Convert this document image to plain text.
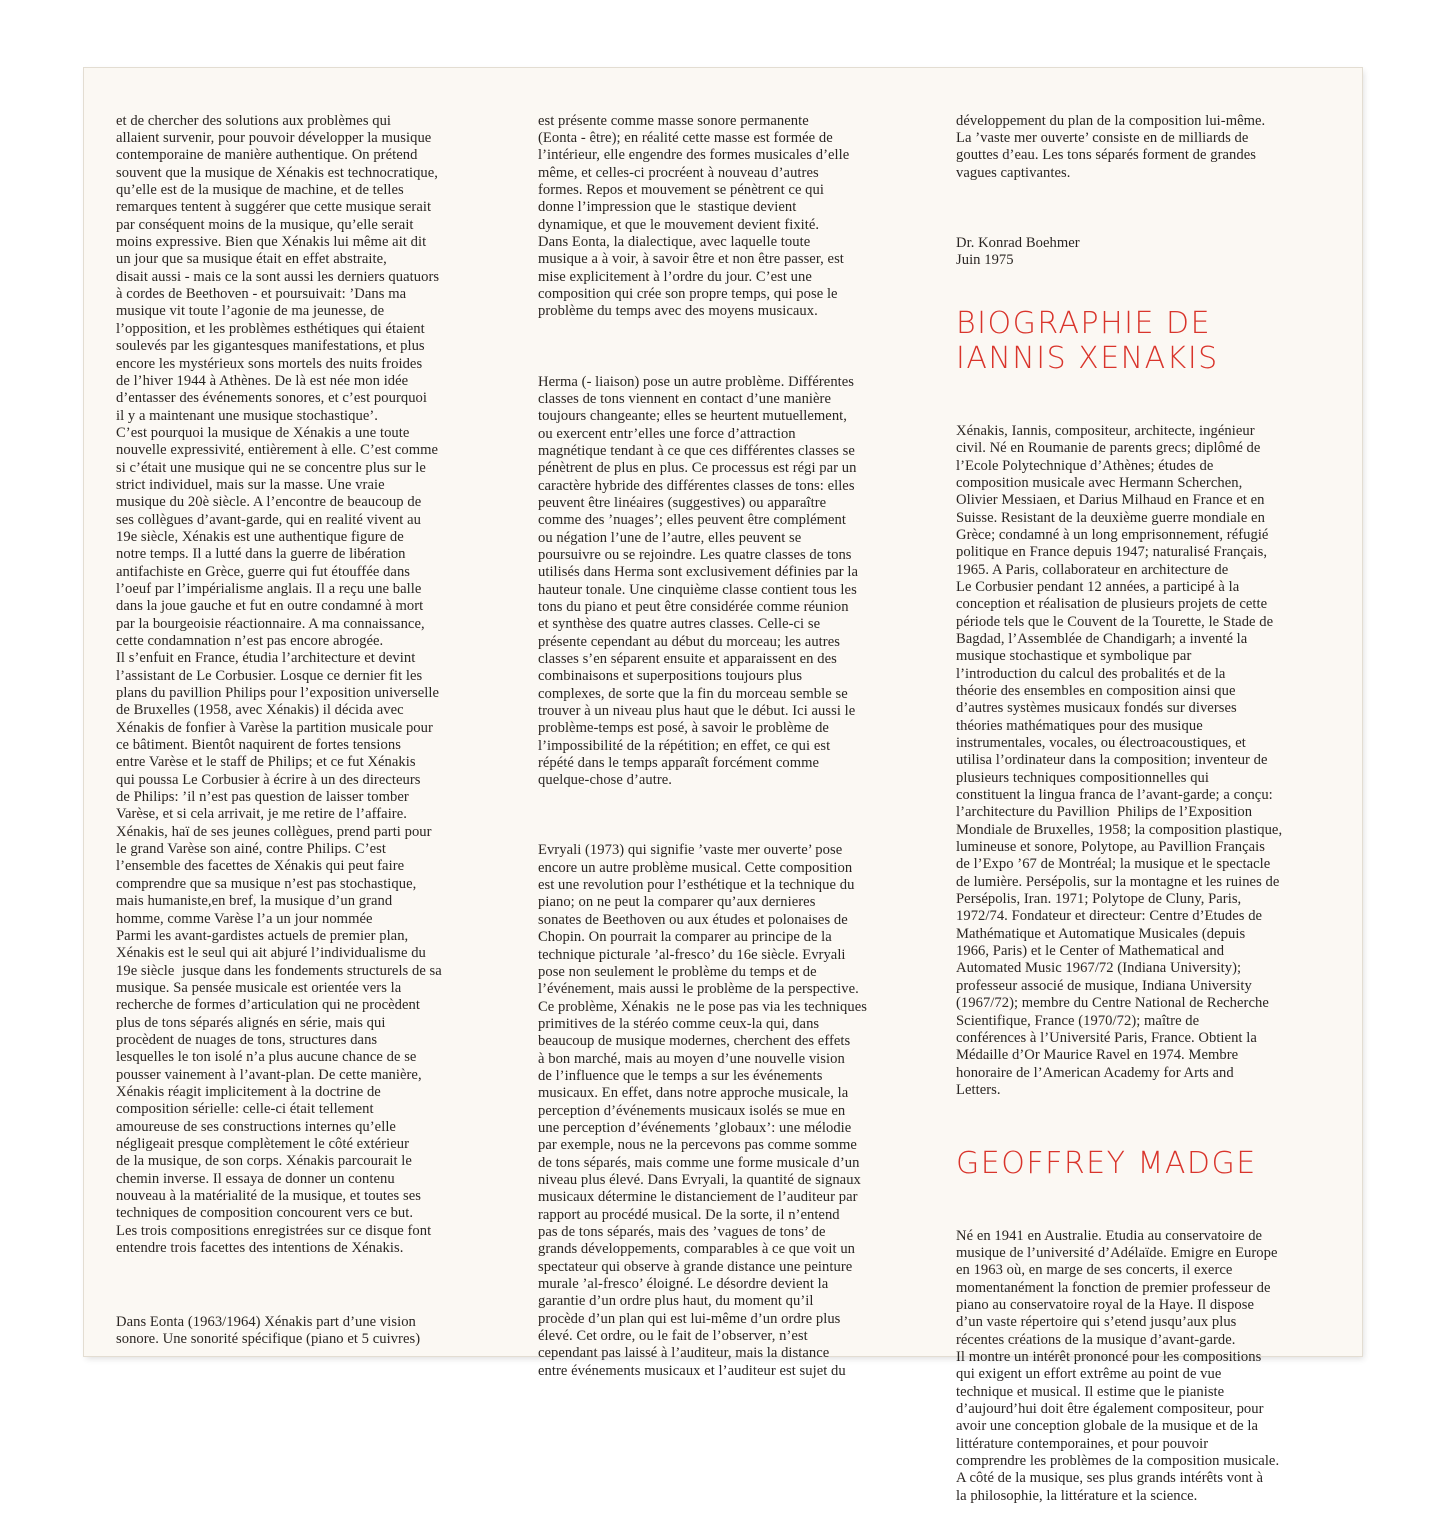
et de chercher des solutions aux problèmes qui
allaient survenir, pour pouvoir développer la musique
contemporaine de manière authentique. On prétend
souvent que la musique de Xénakis est technocratique,
qu’elle est de la musique de machine, et de telles
remarques tentent à suggérer que cette musique serait
par conséquent moins de la musique, qu’elle serait
moins expressive. Bien que Xénakis lui même ait dit
un jour que sa musique était en effet abstraite,
disait aussi - mais ce la sont aussi les derniers quatuors
à cordes de Beethoven - et poursuivait: ’Dans ma
musique vit toute l’agonie de ma jeunesse, de
l’opposition, et les problèmes esthétiques qui étaient
soulevés par les gigantesques manifestations, et plus
encore les mystérieux sons mortels des nuits froides
de l’hiver 1944 à Athènes. De là est née mon idée
d’entasser des événements sonores, et c’est pourquoi
il y a maintenant une musique stochastique’.
C’est pourquoi la musique de Xénakis a une toute
nouvelle expressivité, entièrement à elle. C’est comme
si c’était une musique qui ne se concentre plus sur le
strict individuel, mais sur la masse. Une vraie
musique du 20è siècle. A l’encontre de beaucoup de
ses collègues d’avant-garde, qui en realité vivent au
19e siècle, Xénakis est une authentique figure de
notre temps. Il a lutté dans la guerre de libération
antifachiste en Grèce, guerre qui fut étouffée dans
l’oeuf par l’impérialisme anglais. Il a reçu une balle
dans la joue gauche et fut en outre condamné à mort
par la bourgeoisie réactionnaire. A ma connaissance,
cette condamnation n’est pas encore abrogée.
Il s’enfuit en France, étudia l’architecture et devint
l’assistant de Le Corbusier. Losque ce dernier fit les
plans du pavillion Philips pour l’exposition universelle
de Bruxelles (1958, avec Xénakis) il décida avec
Xénakis de fonfier à Varèse la partition musicale pour
ce bâtiment. Bientôt naquirent de fortes tensions
entre Varèse et le staff de Philips; et ce fut Xénakis
qui poussa Le Corbusier à écrire à un des directeurs
de Philips: ’il n’est pas question de laisser tomber
Varèse, et si cela arrivait, je me retire de l’affaire.
Xénakis, haï de ses jeunes collègues, prend parti pour
le grand Varèse son ainé, contre Philips. C’est
l’ensemble des facettes de Xénakis qui peut faire
comprendre que sa musique n’est pas stochastique,
mais humaniste,en bref, la musique d’un grand
homme, comme Varèse l’a un jour nommée
Parmi les avant-gardistes actuels de premier plan,
Xénakis est le seul qui ait abjuré l’individualisme du
19e siècle  jusque dans les fondements structurels de sa
musique. Sa pensée musicale est orientée vers la
recherche de formes d’articulation qui ne procèdent
plus de tons séparés alignés en série, mais qui
procèdent de nuages de tons, structures dans
lesquelles le ton isolé n’a plus aucune chance de se
pousser vainement à l’avant-plan. De cette manière,
Xénakis réagit implicitement à la doctrine de
composition sérielle: celle-ci était tellement
amoureuse de ses constructions internes qu’elle
négligeait presque complètement le côté extérieur
de la musique, de son corps. Xénakis parcourait le
chemin inverse. Il essaya de donner un contenu
nouveau à la matérialité de la musique, et toutes ses
techniques de composition concourent vers ce but.
Les trois compositions enregistrées sur ce disque font
entendre trois facettes des intentions de Xénakis.

Dans Eonta (1963/1964) Xénakis part d’une vision
sonore. Une sonorité spécifique (piano et 5 cuivres)

est présente comme masse sonore permanente
(Eonta - être); en réalité cette masse est formée de
l’intérieur, elle engendre des formes musicales d’elle
même, et celles-ci procréent à nouveau d’autres
formes. Repos et mouvement se pénètrent ce qui
donne l’impression que le  stastique devient
dynamique, et que le mouvement devient fixité.
Dans Eonta, la dialectique, avec laquelle toute
musique a à voir, à savoir être et non être passer, est
mise explicitement à l’ordre du jour. C’est une
composition qui crée son propre temps, qui pose le
problème du temps avec des moyens musicaux.

Herma (- liaison) pose un autre problème. Différentes
classes de tons viennent en contact d’une manière
toujours changeante; elles se heurtent mutuellement,
ou exercent entr’elles une force d’attraction
magnétique tendant à ce que ces différentes classes se
pénètrent de plus en plus. Ce processus est régi par un
caractère hybride des différentes classes de tons: elles
peuvent être linéaires (suggestives) ou apparaître
comme des ’nuages’; elles peuvent être complément
ou négation l’une de l’autre, elles peuvent se
poursuivre ou se rejoindre. Les quatre classes de tons
utilisés dans Herma sont exclusivement définies par la
hauteur tonale. Une cinquième classe contient tous les
tons du piano et peut être considérée comme réunion
et synthèse des quatre autres classes. Celle-ci se
présente cependant au début du morceau; les autres
classes s’en séparent ensuite et apparaissent en des
combinaisons et superpositions toujours plus
complexes, de sorte que la fin du morceau semble se
trouver à un niveau plus haut que le début. Ici aussi le
problème-temps est posé, à savoir le problème de
l’impossibilité de la répétition; en effet, ce qui est
répété dans le temps apparaît forcément comme
quelque-chose d’autre.

Evryali (1973) qui signifie ’vaste mer ouverte’ pose
encore un autre problème musical. Cette composition
est une revolution pour l’esthétique et la technique du
piano; on ne peut la comparer qu’aux dernieres
sonates de Beethoven ou aux études et polonaises de
Chopin. On pourrait la comparer au principe de la
technique picturale ’al-fresco’ du 16e siècle. Evryali
pose non seulement le problème du temps et de
l’événement, mais aussi le problème de la perspective.
Ce problème, Xénakis  ne le pose pas via les techniques
primitives de la stéréo comme ceux-la qui, dans
beaucoup de musique modernes, cherchent des effets
à bon marché, mais au moyen d’une nouvelle vision
de l’influence que le temps a sur les événements
musicaux. En effet, dans notre approche musicale, la
perception d’événements musicaux isolés se mue en
une perception d’événements ’globaux’: une mélodie
par exemple, nous ne la percevons pas comme somme
de tons séparés, mais comme une forme musicale d’un
niveau plus élevé. Dans Evryali, la quantité de signaux
musicaux détermine le distanciement de l’auditeur par
rapport au procédé musical. De la sorte, il n’entend
pas de tons séparés, mais des ’vagues de tons’ de
grands développements, comparables à ce que voit un
spectateur qui observe à grande distance une peinture
murale ’al-fresco’ éloigné. Le désordre devient la
garantie d’un ordre plus haut, du moment qu’il
procède d’un plan qui est lui-même d’un ordre plus
élevé. Cet ordre, ou le fait de l’observer, n’est
cependant pas laissé à l’auditeur, mais la distance
entre événements musicaux et l’auditeur est sujet du

développement du plan de la composition lui-même.
La ’vaste mer ouverte’ consiste en de milliards de
gouttes d’eau. Les tons séparés forment de grandes
vagues captivantes.

Dr. Konrad Boehmer
Juin 1975

BIOGRAPHIE DE
IANNIS XENAKIS

Xénakis, Iannis, compositeur, architecte, ingénieur
civil. Né en Roumanie de parents grecs; diplômé de
l’Ecole Polytechnique d’Athènes; études de
composition musicale avec Hermann Scherchen,
Olivier Messiaen, et Darius Milhaud en France et en
Suisse. Resistant de la deuxième guerre mondiale en
Grèce; condamné à un long emprisonnement, réfugié
politique en France depuis 1947; naturalisé Français,
1965. A Paris, collaborateur en architecture de
Le Corbusier pendant 12 années, a participé à la
conception et réalisation de plusieurs projets de cette
période tels que le Couvent de la Tourette, le Stade de
Bagdad, l’Assemblée de Chandigarh; a inventé la
musique stochastique et symbolique par
l’introduction du calcul des probalités et de la
théorie des ensembles en composition ainsi que
d’autres systèmes musicaux fondés sur diverses
théories mathématiques pour des musique
instrumentales, vocales, ou électroacoustiques, et
utilisa l’ordinateur dans la composition; inventeur de
plusieurs techniques compositionnelles qui
constituent la lingua franca de l’avant-garde; a conçu:
l’architecture du Pavillion  Philips de l’Exposition
Mondiale de Bruxelles, 1958; la composition plastique,
lumineuse et sonore, Polytope, au Pavillion Français
de l’Expo ’67 de Montréal; la musique et le spectacle
de lumière. Persépolis, sur la montagne et les ruines de
Persépolis, Iran. 1971; Polytope de Cluny, Paris,
1972/74. Fondateur et directeur: Centre d’Etudes de
Mathématique et Automatique Musicales (depuis
1966, Paris) et le Center of Mathematical and
Automated Music 1967/72 (Indiana University);
professeur associé de musique, Indiana University
(1967/72); membre du Centre National de Recherche
Scientifique, France (1970/72); maître de
conférences à l’Université Paris, France. Obtient la
Médaille d’Or Maurice Ravel en 1974. Membre
honoraire de l’American Academy for Arts and
Letters.

GEOFFREY MADGE

Né en 1941 en Australie. Etudia au conservatoire de
musique de l’université d’Adélaïde. Emigre en Europe
en 1963 où, en marge de ses concerts, il exerce
momentanément la fonction de premier professeur de
piano au conservatoire royal de la Haye. Il dispose
d’un vaste répertoire qui s’etend jusqu’aux plus
récentes créations de la musique d’avant-garde.
Il montre un intérêt prononcé pour les compositions
qui exigent un effort extrême au point de vue
technique et musical. Il estime que le pianiste
d’aujourd’hui doit être également compositeur, pour
avoir une conception globale de la musique et de la
littérature contemporaines, et pour pouvoir
comprendre les problèmes de la composition musicale.
A côté de la musique, ses plus grands intérêts vont à
la philosophie, la littérature et la science.
